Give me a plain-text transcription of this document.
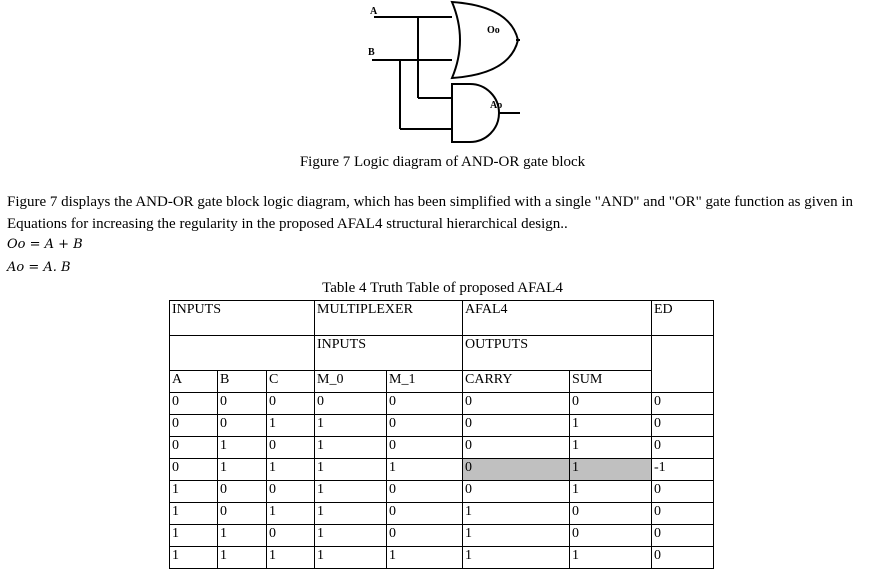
A
B
Oo
Ao
Figure 7 Logic diagram of AND-OR gate block
Figure 7 displays the AND-OR gate block logic diagram, which has been simplified with a single "AND" and "OR" gate function as given in Equations for increasing the regularity in the proposed AFAL4 structural hierarchical design..
Oo = A + B
Ao = A. B
Table 4 Truth Table of proposed AFAL4
INPUTS			MULTIPLEXER		AFAL4		ED
			INPUTS		OUTPUTS		
A	B	C	M_0	M_1	CARRY	SUM	
0	0	0	0	0	0	0	0
0	0	1	1	0	0	1	0
0	1	0	1	0	0	1	0
0	1	1	1	1	0	1	-1
1	0	0	1	0	0	1	0
1	0	1	1	0	1	0	0
1	1	0	1	0	1	0	0
1	1	1	1	1	1	1	0
